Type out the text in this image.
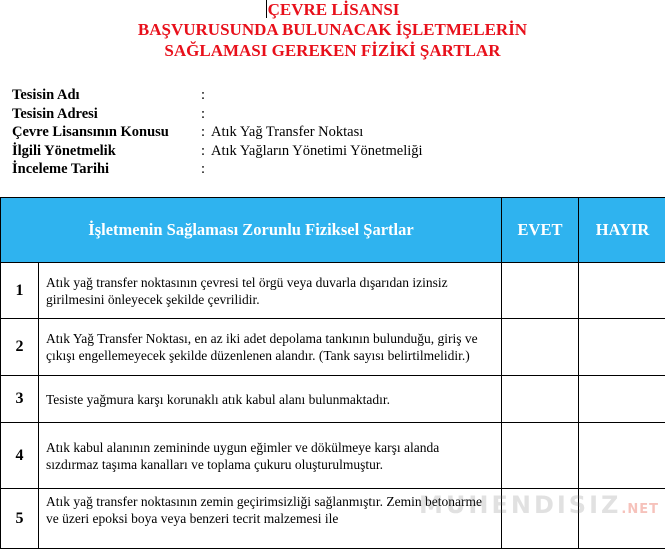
ÇEVRE LİSANSI
BAŞVURUSUNDA BULUNACAK İŞLETMELERİN
SAĞLAMASI GEREKEN FİZİKİ ŞARTLAR
Tesisin Adı	:
Tesisin Adresi	:
Çevre Lisansının Konusu	: Atık Yağ Transfer Noktası
İlgili Yönetmelik	: Atık Yağların Yönetimi Yönetmeliği
İnceleme Tarihi	:
İşletmenin Sağlaması Zorunlu Fiziksel Şartlar		EVET	HAYIR
1	Atık yağ transfer noktasının çevresi tel örgü veya duvarla dışarıdan izinsiz girilmesini önleyecek şekilde çevrilidir.		
2	Atık Yağ Transfer Noktası, en az iki adet depolama tankının bulunduğu, giriş ve çıkışı engellemeyecek şekilde düzenlenen alandır. (Tank sayısı belirtilmelidir.)		
3	Tesiste yağmura karşı korunaklı atık kabul alanı bulunmaktadır.		
4	Atık kabul alanının zemininde uygun eğimler ve dökülmeye karşı alanda sızdırmaz taşıma kanalları ve toplama çukuru oluşturulmuştur.		
5	Atık yağ transfer noktasının zemin geçirimsizliği sağlanmıştır. Zemin betonarme ve üzeri epoksi boya veya benzeri tecrit malzemesi ile			MUHENDISIZ.NET
